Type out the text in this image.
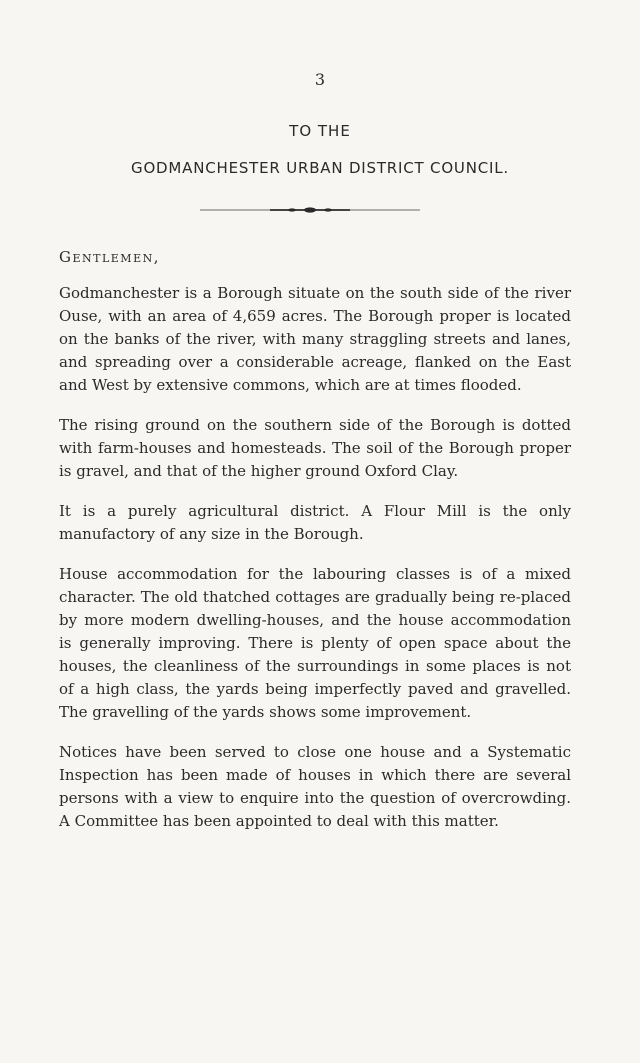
3
TO THE
GODMANCHESTER URBAN DISTRICT COUNCIL.
Gentlemen,

Godmanchester is a Borough situate on the south side of the river Ouse, with an area of 4,659 acres. The Borough proper is located on the banks of the river, with many straggling streets and lanes, and spreading over a considerable acreage, flanked on the East and West by extensive commons, which are at times flooded.

The rising ground on the southern side of the Borough is dotted with farm-houses and homesteads. The soil of the Borough proper is gravel, and that of the higher ground Oxford Clay.

It is a purely agricultural district. A Flour Mill is the only manufactory of any size in the Borough.

House accommodation for the labouring classes is of a mixed character. The old thatched cottages are gradually being re-placed by more modern dwelling-houses, and the house accommodation is generally improving. There is plenty of open space about the houses, the cleanliness of the surroundings in some places is not of a high class, the yards being imperfectly paved and gravelled. The gravelling of the yards shows some improvement.

Notices have been served to close one house and a Systematic Inspection has been made of houses in which there are several persons with a view to enquire into the question of overcrowding. A Committee has been appointed to deal with this matter.
